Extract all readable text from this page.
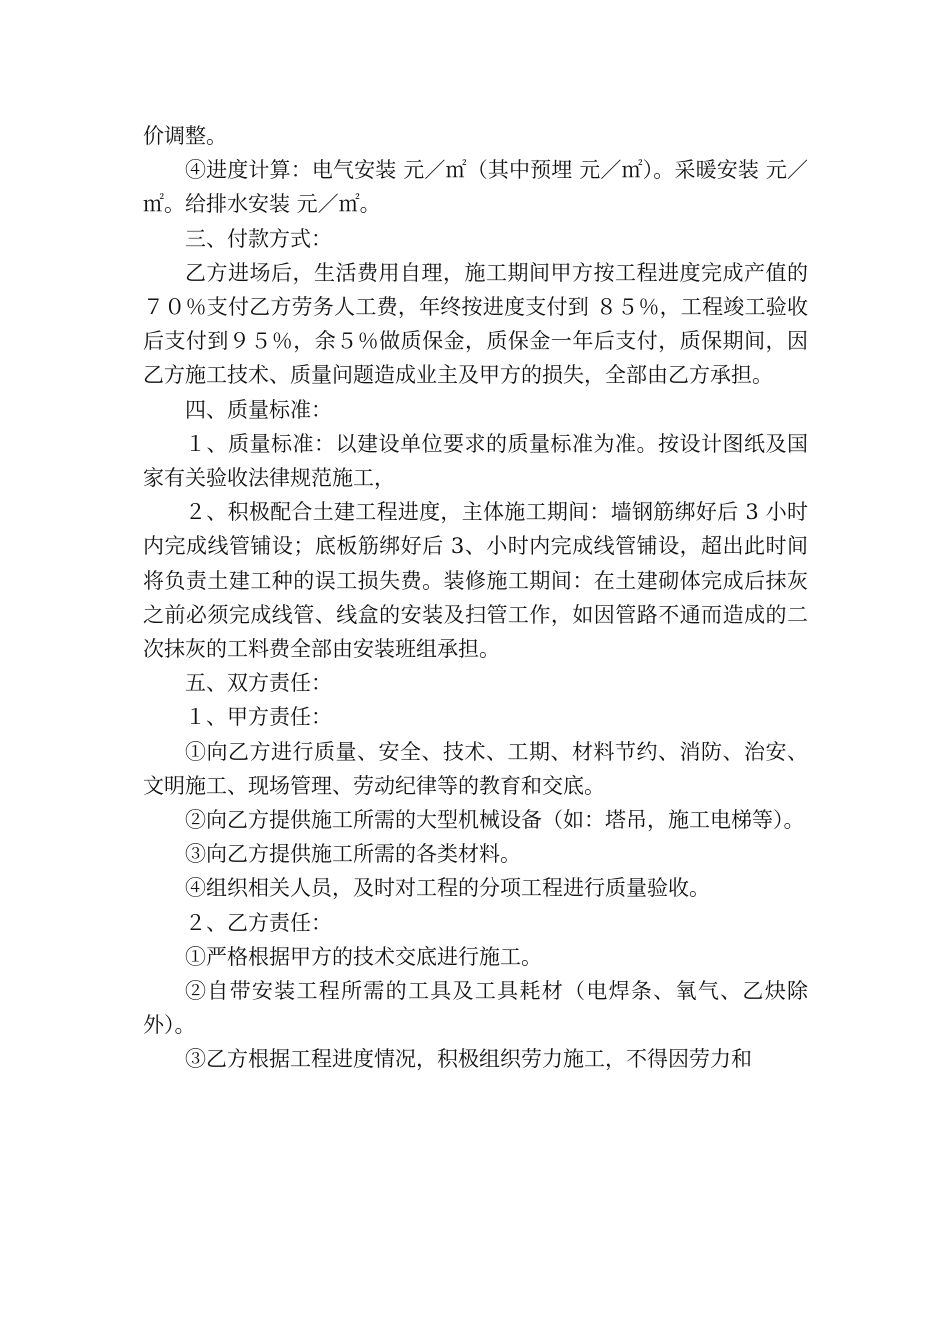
价调整。

④进度计算：电气安装 元／㎡（其中预埋 元／㎡）。采暖安装 元／㎡。给排水安装 元／㎡。

三、付款方式：

乙方进场后，生活费用自理，施工期间甲方按工程进度完成产值的７０％支付乙方劳务人工费，年终按进度支付到 ８５％，工程竣工验收后支付到９５％，余５％做质保金，质保金一年后支付，质保期间，因乙方施工技术、质量问题造成业主及甲方的损失，全部由乙方承担。

四、质量标准：

１、质量标准：以建设单位要求的质量标准为准。按设计图纸及国家有关验收法律规范施工，

２、积极配合土建工程进度，主体施工期间：墙钢筋绑好后 3 小时内完成线管铺设；底板筋绑好后 3、小时内完成线管铺设，超出此时间将负责土建工种的误工损失费。装修施工期间：在土建砌体完成后抹灰之前必须完成线管、线盒的安装及扫管工作，如因管路不通而造成的二次抹灰的工料费全部由安装班组承担。

五、双方责任：

１、甲方责任：

①向乙方进行质量、安全、技术、工期、材料节约、消防、治安、文明施工、现场管理、劳动纪律等的教育和交底。

②向乙方提供施工所需的大型机械设备（如：塔吊，施工电梯等）。

③向乙方提供施工所需的各类材料。

④组织相关人员，及时对工程的分项工程进行质量验收。

２、乙方责任：

①严格根据甲方的技术交底进行施工。

②自带安装工程所需的工具及工具耗材（电焊条、氧气、乙炔除外）。

③乙方根据工程进度情况，积极组织劳力施工，不得因劳力和
